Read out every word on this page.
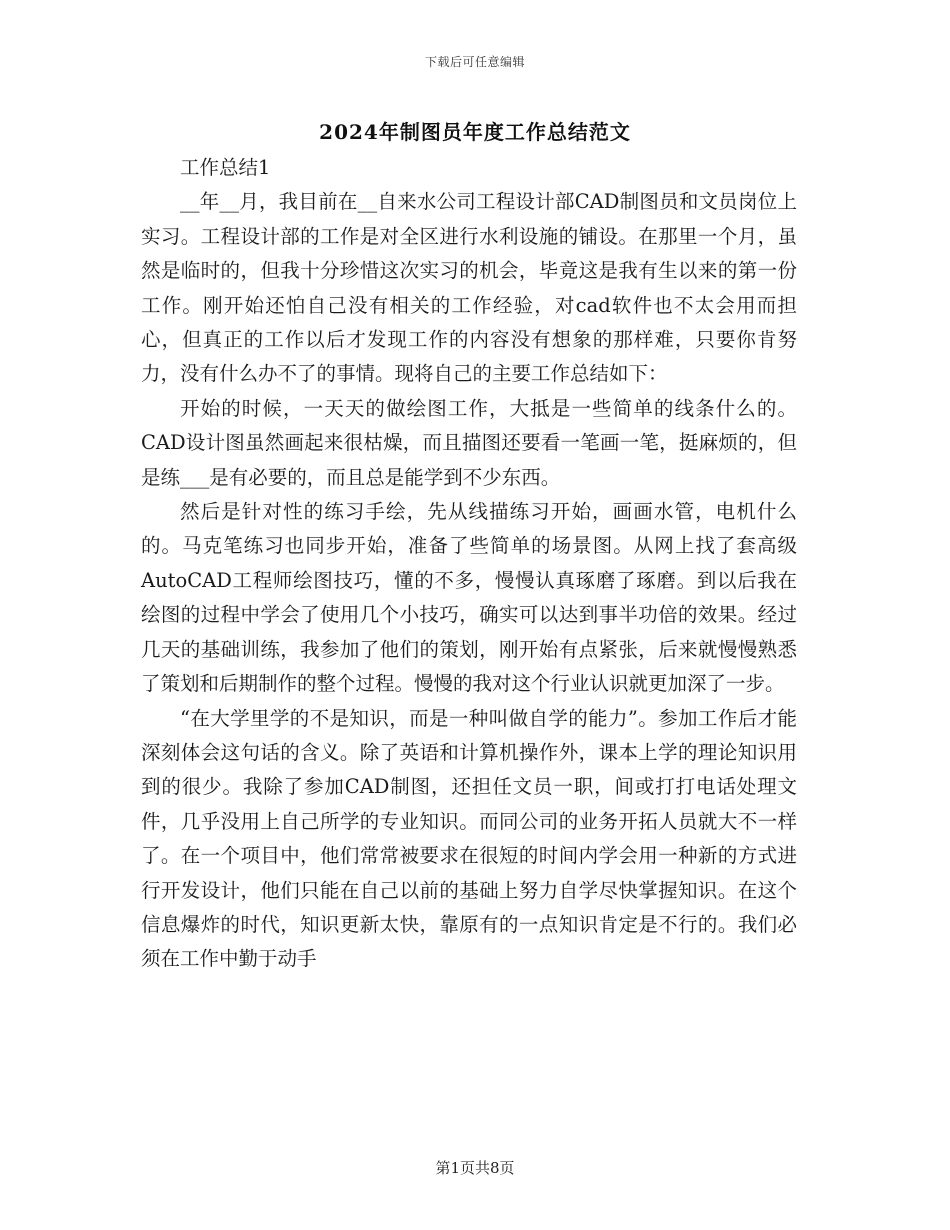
下载后可任意编辑
2024年制图员年度工作总结范文

工作总结1

__年__月，我目前在__自来水公司工程设计部CAD制图员和文员岗位上实习。工程设计部的工作是对全区进行水利设施的铺设。在那里一个月，虽然是临时的，但我十分珍惜这次实习的机会，毕竟这是我有生以来的第一份工作。刚开始还怕自己没有相关的工作经验，对cad软件也不太会用而担心，但真正的工作以后才发现工作的内容没有想象的那样难，只要你肯努力，没有什么办不了的事情。现将自己的主要工作总结如下：

开始的时候，一天天的做绘图工作，大抵是一些简单的线条什么的。CAD设计图虽然画起来很枯燥，而且描图还要看一笔画一笔，挺麻烦的，但是练___是有必要的，而且总是能学到不少东西。

然后是针对性的练习手绘，先从线描练习开始，画画水管，电机什么的。马克笔练习也同步开始，准备了些简单的场景图。从网上找了套高级AutoCAD工程师绘图技巧，懂的不多，慢慢认真琢磨了琢磨。到以后我在绘图的过程中学会了使用几个小技巧，确实可以达到事半功倍的效果。经过几天的基础训练，我参加了他们的策划，刚开始有点紧张，后来就慢慢熟悉了策划和后期制作的整个过程。慢慢的我对这个行业认识就更加深了一步。

“在大学里学的不是知识，而是一种叫做自学的能力”。参加工作后才能深刻体会这句话的含义。除了英语和计算机操作外，课本上学的理论知识用到的很少。我除了参加CAD制图，还担任文员一职，间或打打电话处理文件，几乎没用上自己所学的专业知识。而同公司的业务开拓人员就大不一样了。在一个项目中，他们常常被要求在很短的时间内学会用一种新的方式进行开发设计，他们只能在自己以前的基础上努力自学尽快掌握知识。在这个信息爆炸的时代，知识更新太快，靠原有的一点知识肯定是不行的。我们必须在工作中勤于动手

第1页共8页
